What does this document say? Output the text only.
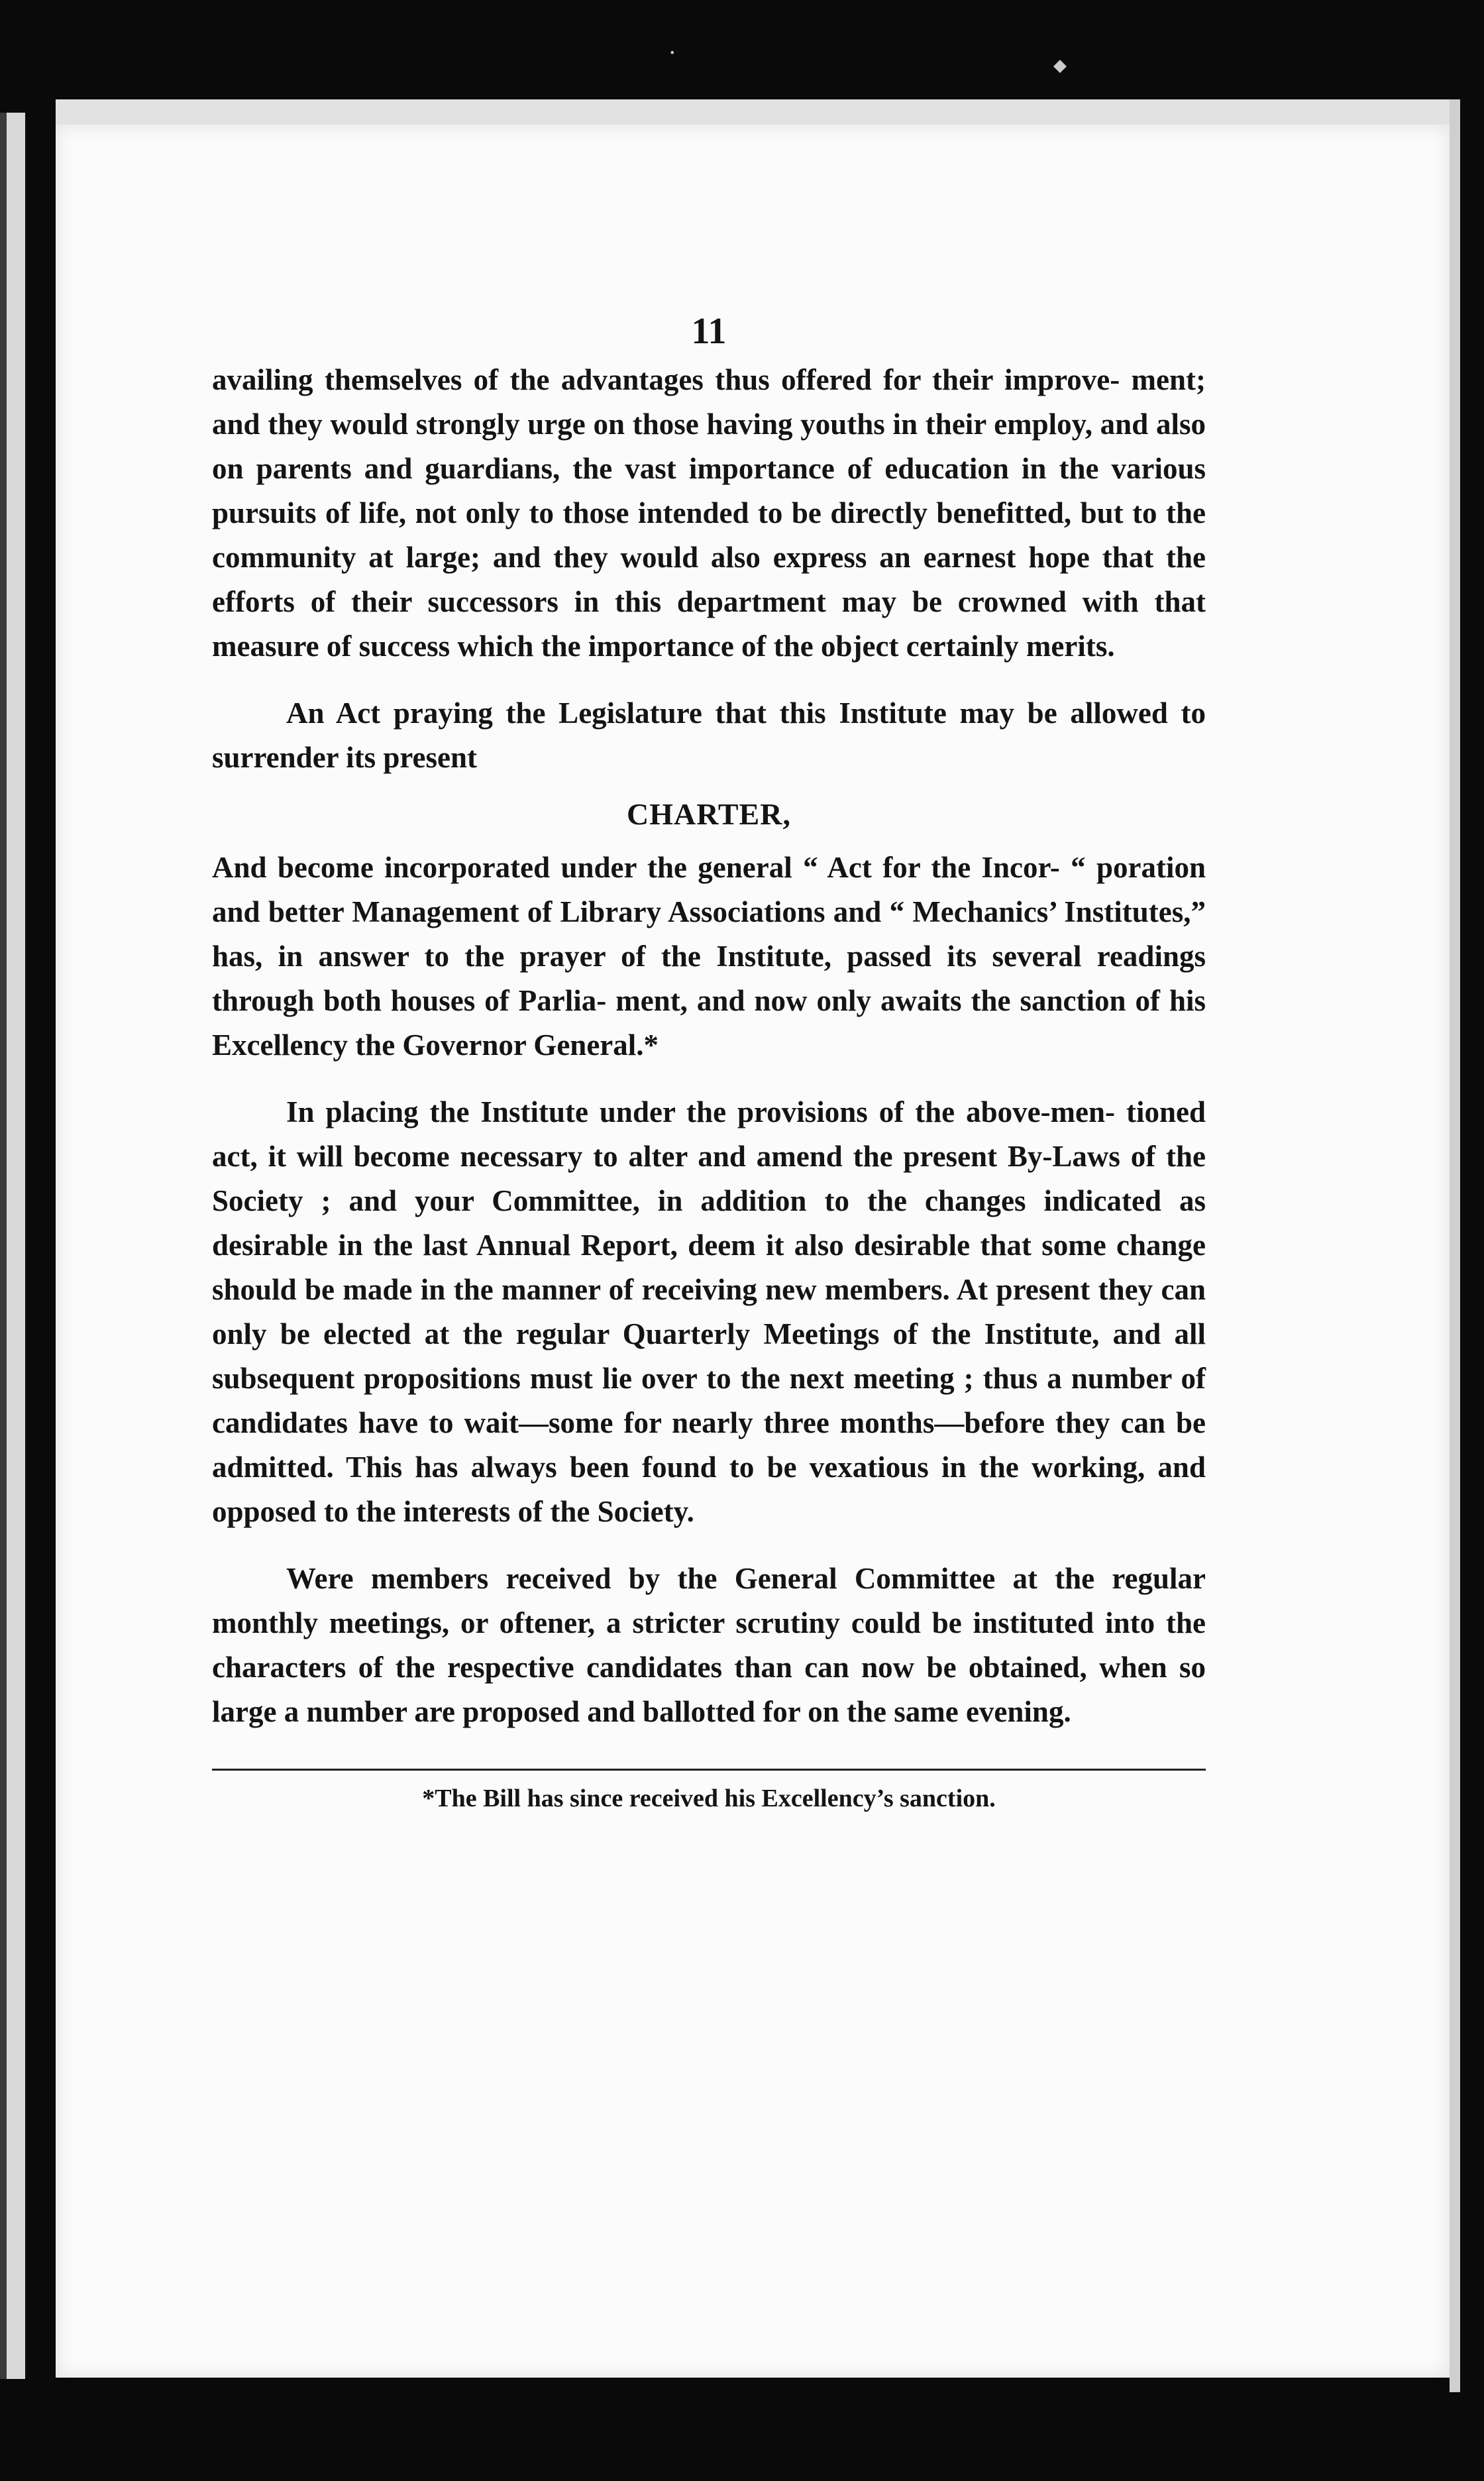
•
◆
11

availing themselves of the advantages thus offered for their improve- ment; and they would strongly urge on those having youths in their employ, and also on parents and guardians, the vast importance of education in the various pursuits of life, not only to those intended to be directly benefitted, but to the community at large; and they would also express an earnest hope that the efforts of their successors in this department may be crowned with that measure of success which the importance of the object certainly merits.

An Act praying the Legislature that this Institute may be allowed to surrender its present

CHARTER,

And become incorporated under the general “ Act for the Incor- “ poration and better Management of Library Associations and “ Mechanics’ Institutes,” has, in answer to the prayer of the Institute, passed its several readings through both houses of Parlia- ment, and now only awaits the sanction of his Excellency the Governor General.*

In placing the Institute under the provisions of the above-men- tioned act, it will become necessary to alter and amend the present By-Laws of the Society ; and your Committee, in addition to the changes indicated as desirable in the last Annual Report, deem it also desirable that some change should be made in the manner of receiving new members. At present they can only be elected at the regular Quarterly Meetings of the Institute, and all subsequent propositions must lie over to the next meeting ; thus a number of candidates have to wait—some for nearly three months—before they can be admitted. This has always been found to be vexatious in the working, and opposed to the interests of the Society.

Were members received by the General Committee at the regular monthly meetings, or oftener, a stricter scrutiny could be instituted into the characters of the respective candidates than can now be obtained, when so large a number are proposed and ballotted for on the same evening.

*The Bill has since received his Excellency’s sanction.
